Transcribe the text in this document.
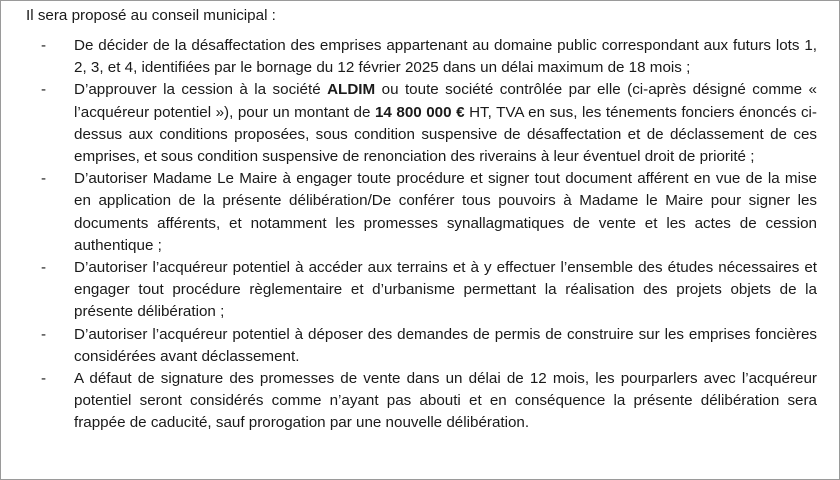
Il sera proposé au conseil municipal :

- De décider de la désaffectation des emprises appartenant au domaine public correspondant aux futurs lots 1, 2, 3, et 4, identifiées par le bornage du 12 février 2025 dans un délai maximum de 18 mois ;

- D’approuver la cession à la société ALDIM ou toute société contrôlée par elle (ci-après désigné comme « l’acquéreur potentiel »), pour un montant de 14 800 000 € HT, TVA en sus, les ténements fonciers énoncés ci-dessus aux conditions proposées, sous condition suspensive de désaffectation et de déclassement de ces emprises, et sous condition suspensive de renonciation des riverains à leur éventuel droit de priorité ;

- D’autoriser Madame Le Maire à engager toute procédure et signer tout document afférent en vue de la mise en application de la présente délibération/De conférer tous pouvoirs à Madame le Maire pour signer les documents afférents, et notamment les promesses synallagmatiques de vente et les actes de cession authentique ;

- D’autoriser l’acquéreur potentiel à accéder aux terrains et à y effectuer l’ensemble des études nécessaires et engager tout procédure règlementaire et d’urbanisme permettant la réalisation des projets objets de la présente délibération ;

- D’autoriser l’acquéreur potentiel à déposer des demandes de permis de construire sur les emprises foncières considérées avant déclassement.

- A défaut de signature des promesses de vente dans un délai de 12 mois, les pourparlers avec l’acquéreur potentiel seront considérés comme n’ayant pas abouti et en conséquence la présente délibération sera frappée de caducité, sauf prorogation par une nouvelle délibération.
